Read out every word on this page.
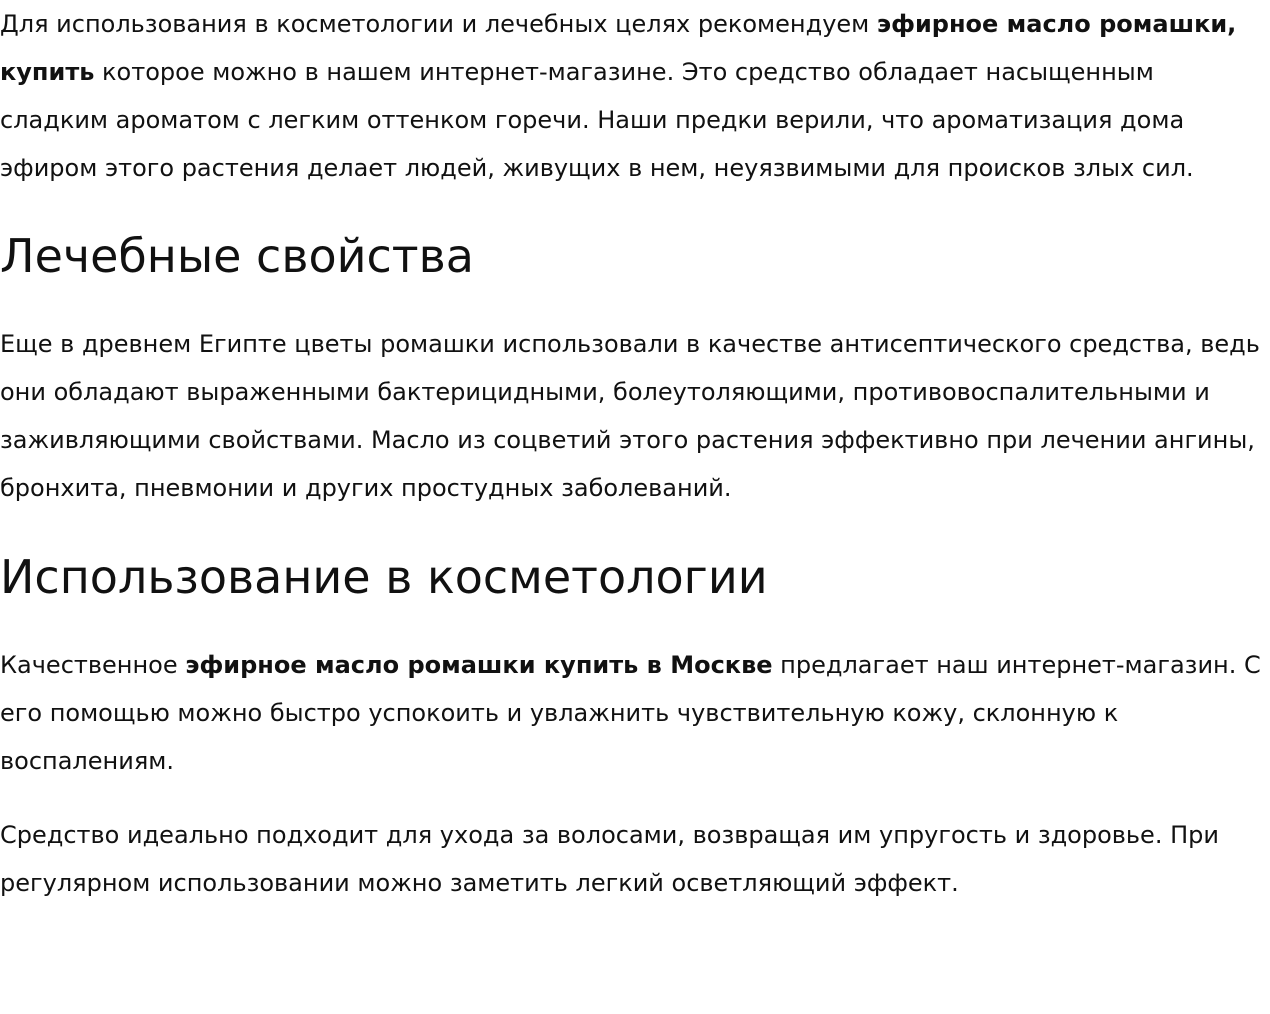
Для использования в косметологии и лечебных целях рекомендуем эфирное масло ромашки, купить которое можно в нашем интернет-магазине. Это средство обладает насыщенным сладким ароматом с легким оттенком горечи. Наши предки верили, что ароматизация дома эфиром этого растения делает людей, живущих в нем, неуязвимыми для происков злых сил.

Лечебные свойства

Еще в древнем Египте цветы ромашки использовали в качестве антисептического средства, ведь они обладают выраженными бактерицидными, болеутоляющими, противовоспалительными и заживляющими свойствами. Масло из соцветий этого растения эффективно при лечении ангины, бронхита, пневмонии и других простудных заболеваний.

Использование в косметологии

Качественное эфирное масло ромашки купить в Москве предлагает наш интернет-магазин. С его помощью можно быстро успокоить и увлажнить чувствительную кожу, склонную к воспалениям.

Средство идеально подходит для ухода за волосами, возвращая им упругость и здоровье. При регулярном использовании можно заметить легкий осветляющий эффект.
